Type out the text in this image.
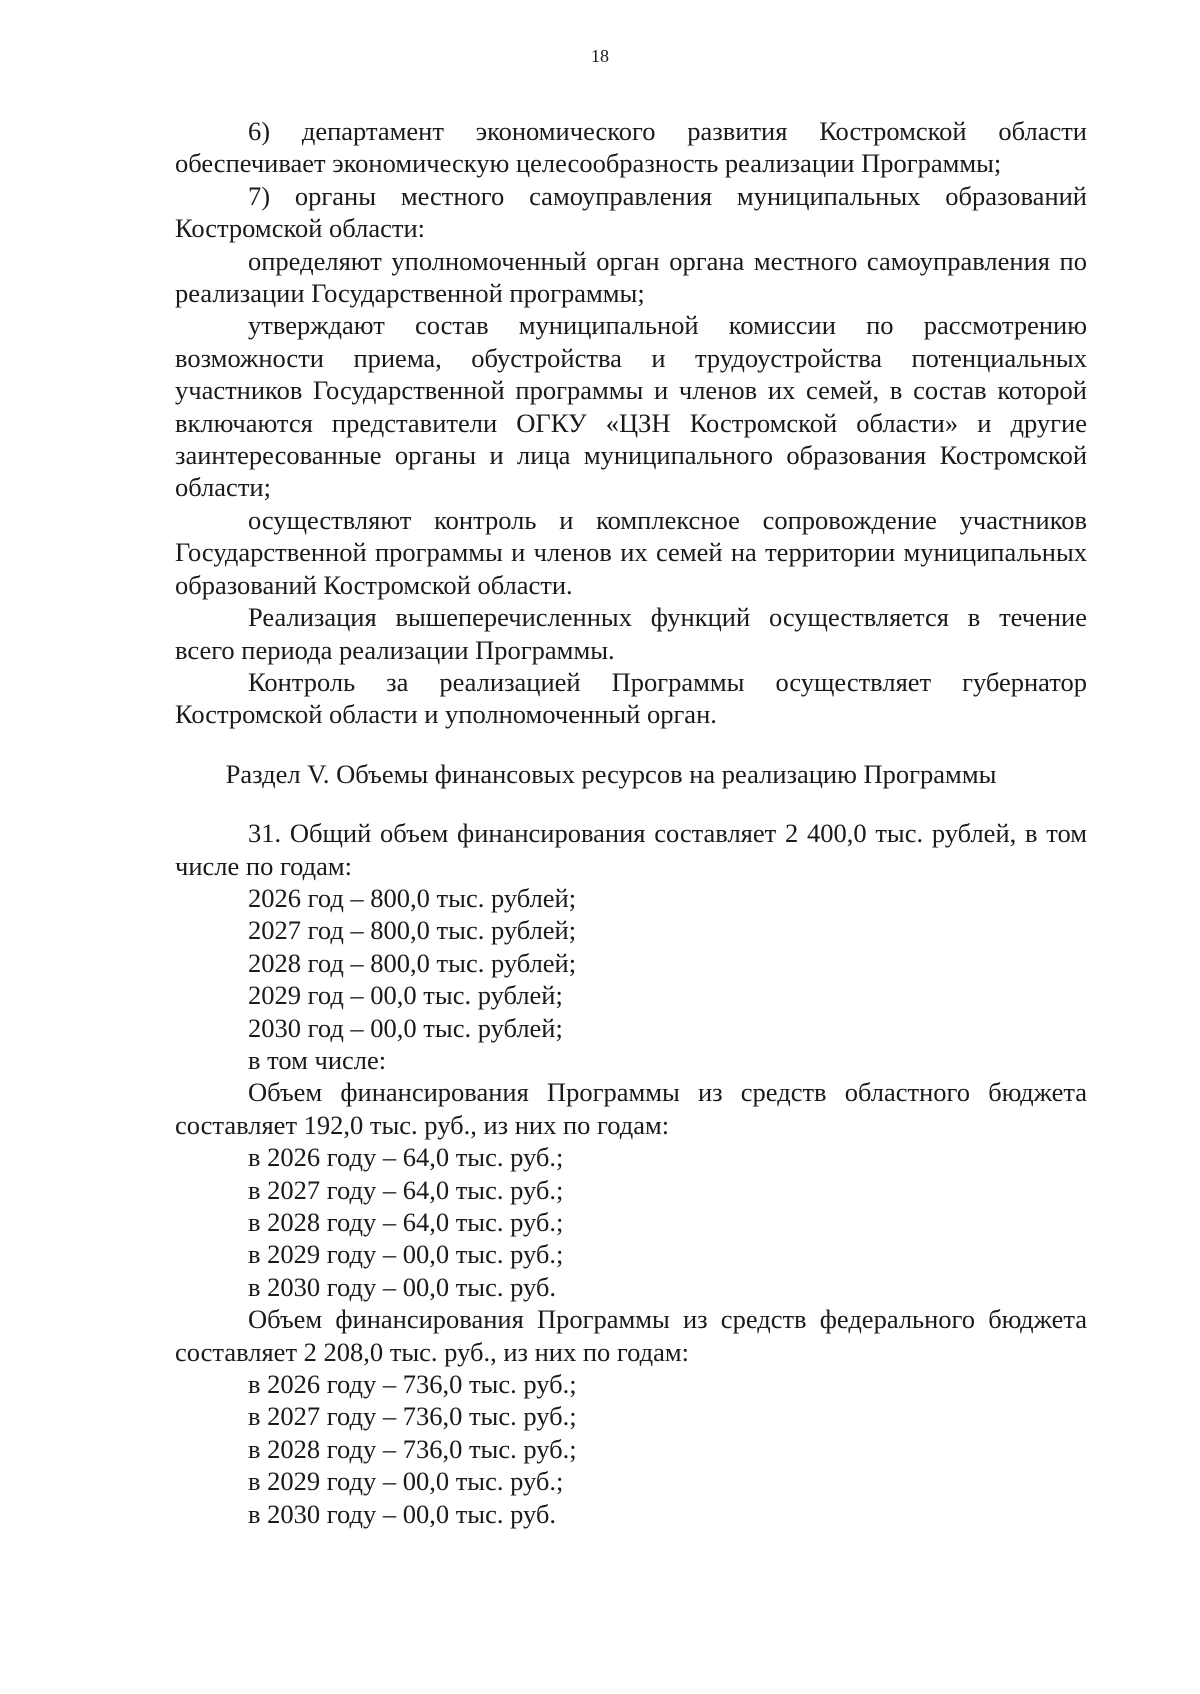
18

6) департамент экономического развития Костромской области обеспечивает экономическую целесообразность реализации Программы;

7) органы местного самоуправления муниципальных образований Костромской области:

определяют уполномоченный орган органа местного самоуправления по реализации Государственной программы;

утверждают состав муниципальной комиссии по рассмотрению возможности приема, обустройства и трудоустройства потенциальных участников Государственной программы и членов их семей, в состав которой включаются представители ОГКУ «ЦЗН Костромской области» и другие заинтересованные органы и лица муниципального образования Костромской области;

осуществляют контроль и комплексное сопровождение участников Государственной программы и членов их семей на территории муниципальных образований Костромской области.

Реализация вышеперечисленных функций осуществляется в течение всего периода реализации Программы.

Контроль за реализацией Программы осуществляет губернатор Костромской области и уполномоченный орган.

Раздел V. Объемы финансовых ресурсов на реализацию Программы

31. Общий объем финансирования составляет 2 400,0 тыс. рублей, в том числе по годам:

2026 год – 800,0 тыс. рублей;

2027 год – 800,0 тыс. рублей;

2028 год – 800,0 тыс. рублей;

2029 год – 00,0 тыс. рублей;

2030 год – 00,0 тыс. рублей;

в том числе:

Объем финансирования Программы из средств областного бюджета составляет 192,0 тыс. руб., из них по годам:

в 2026 году – 64,0 тыс. руб.;

в 2027 году – 64,0 тыс. руб.;

в 2028 году – 64,0 тыс. руб.;

в 2029 году – 00,0 тыс. руб.;

в 2030 году – 00,0 тыс. руб.

Объем финансирования Программы из средств федерального бюджета составляет 2 208,0 тыс. руб., из них по годам:

в 2026 году – 736,0 тыс. руб.;

в 2027 году – 736,0 тыс. руб.;

в 2028 году – 736,0 тыс. руб.;

в 2029 году – 00,0 тыс. руб.;

в 2030 году – 00,0 тыс. руб.
